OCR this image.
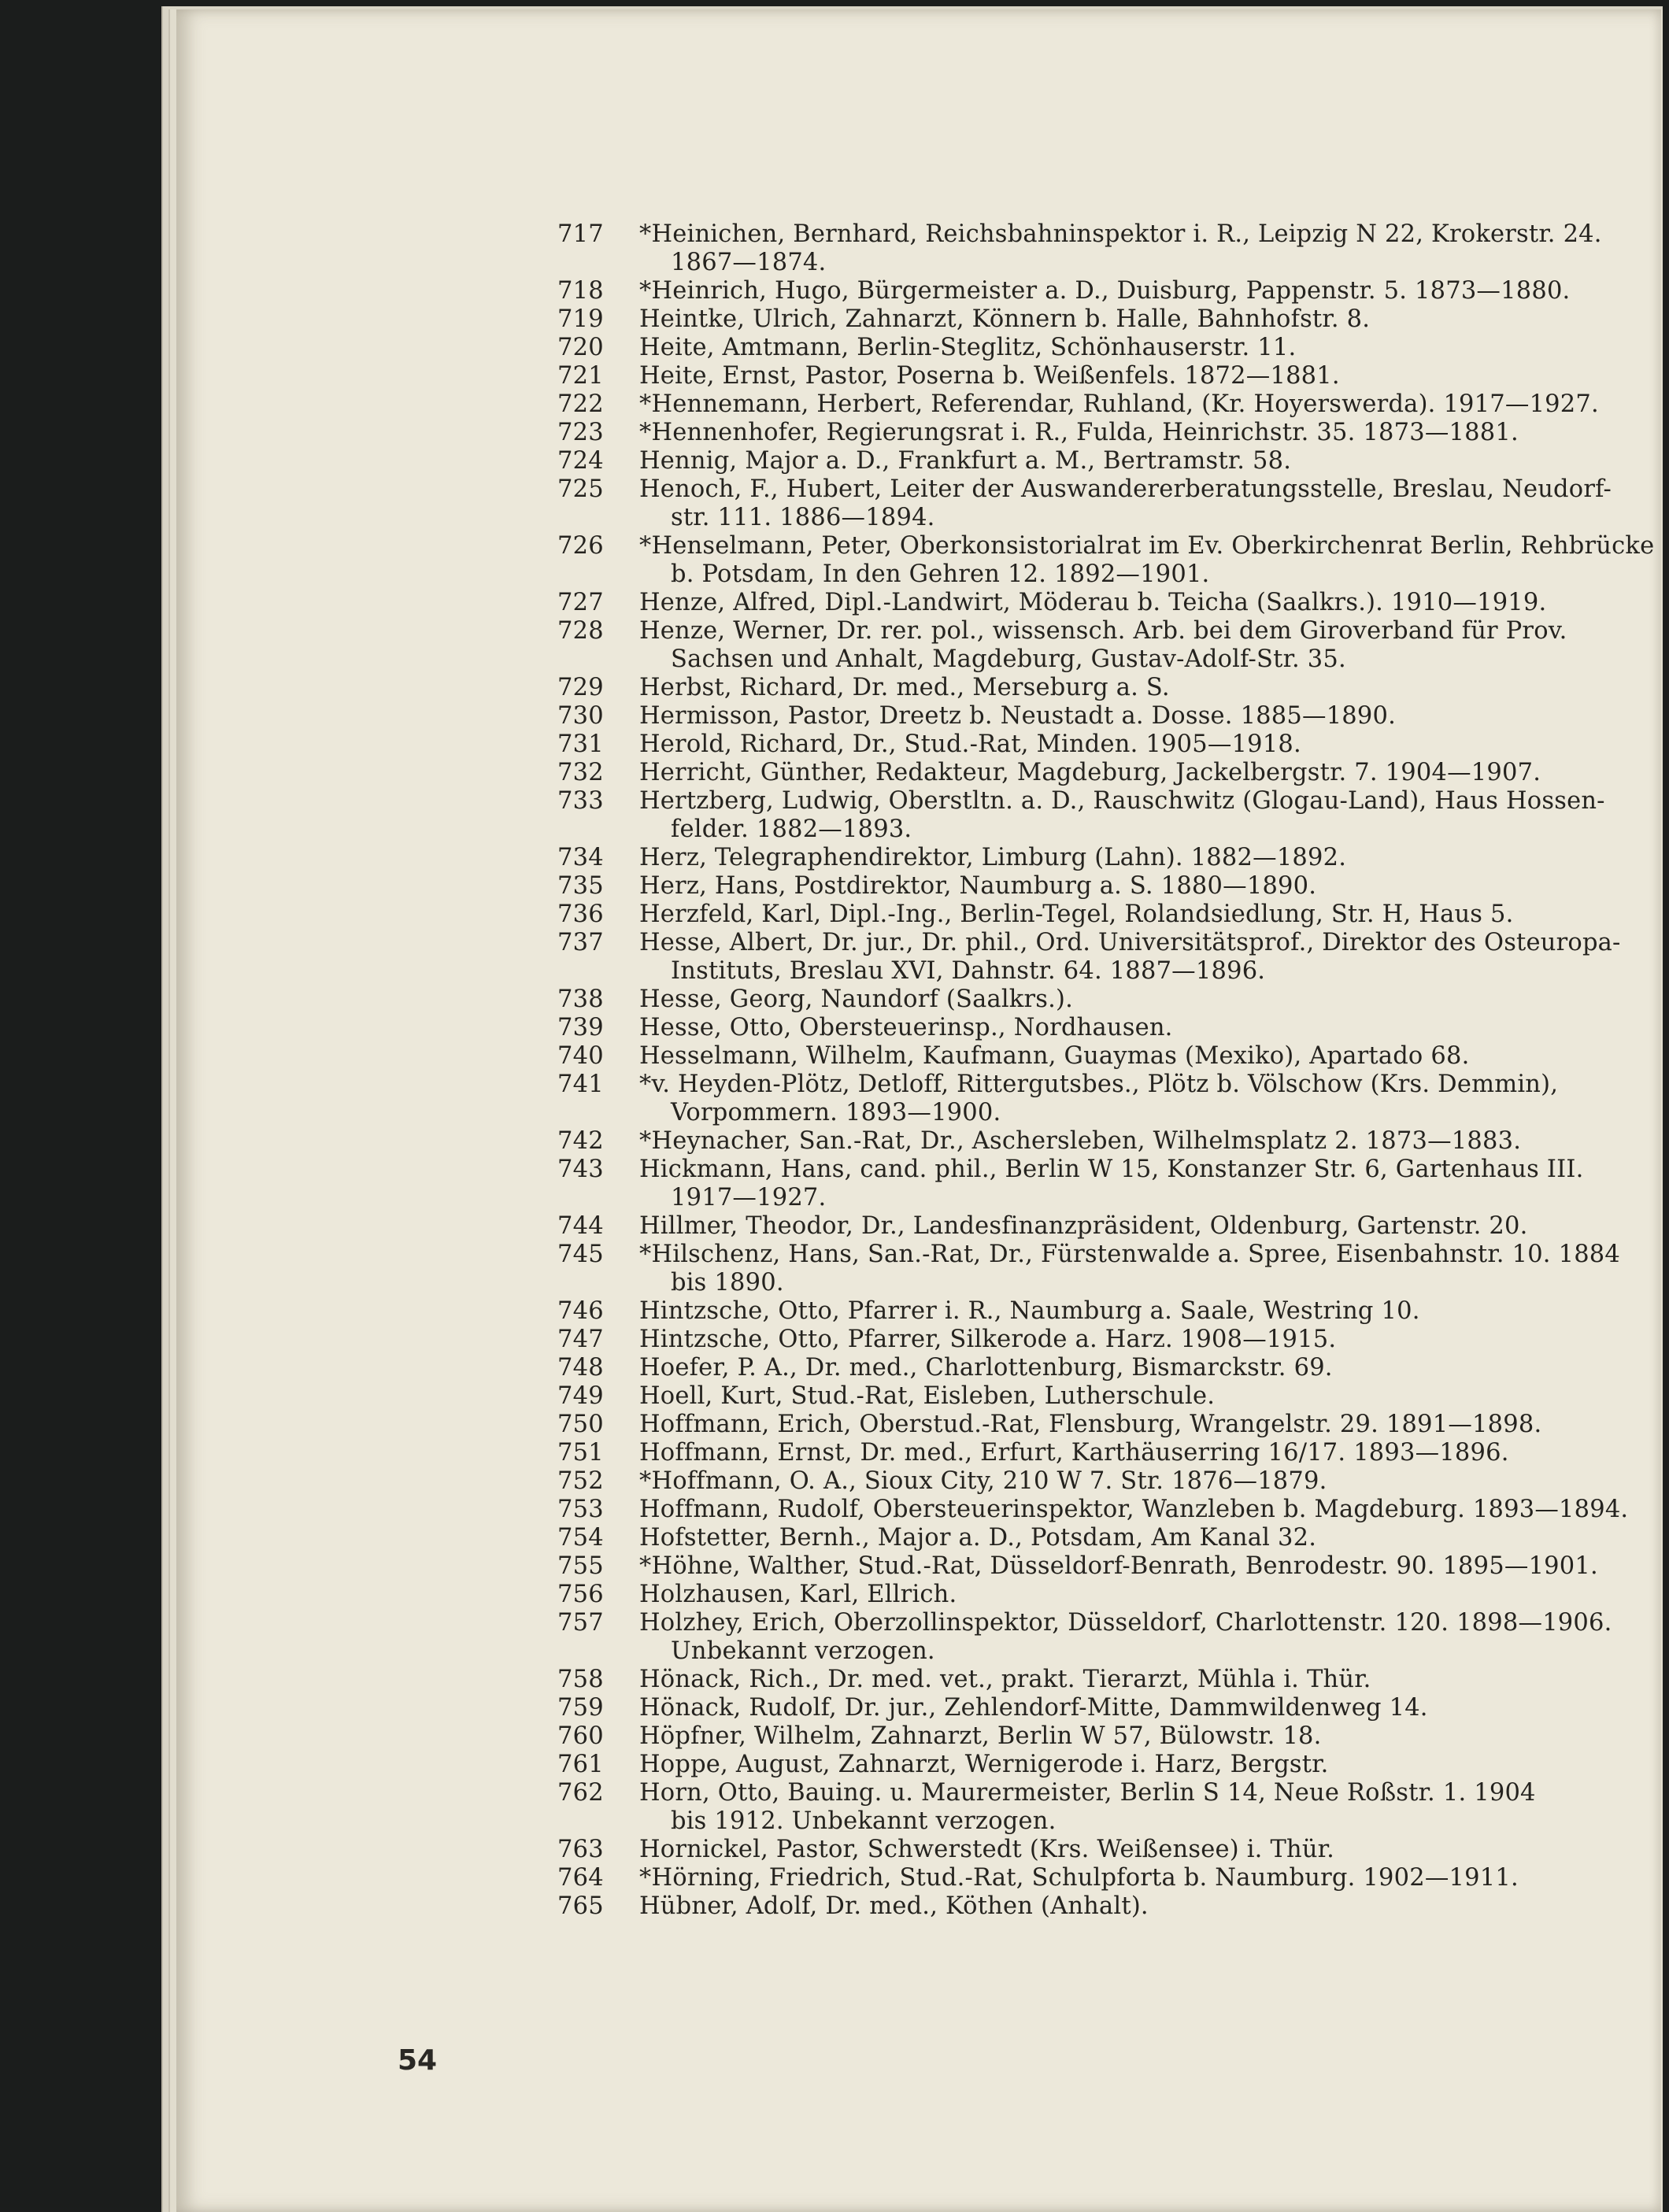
717	*Heinichen, Bernhard, Reichsbahninspektor i. R., Leipzig N 22, Krokerstr. 24.
1867—1874.
718	*Heinrich, Hugo, Bürgermeister a. D., Duisburg, Pappenstr. 5. 1873—1880.
719	Heintke, Ulrich, Zahnarzt, Könnern b. Halle, Bahnhofstr. 8.
720	Heite, Amtmann, Berlin-Steglitz, Schönhauserstr. 11.
721	Heite, Ernst, Pastor, Poserna b. Weißenfels. 1872—1881.
722	*Hennemann, Herbert, Referendar, Ruhland, (Kr. Hoyerswerda). 1917—1927.
723	*Hennenhofer, Regierungsrat i. R., Fulda, Heinrichstr. 35. 1873—1881.
724	Hennig, Major a. D., Frankfurt a. M., Bertramstr. 58.
725	Henoch, F., Hubert, Leiter der Auswandererberatungsstelle, Breslau, Neudorf-
str. 111. 1886—1894.
726	*Henselmann, Peter, Oberkonsistorialrat im Ev. Oberkirchenrat Berlin, Rehbrücke
b. Potsdam, In den Gehren 12. 1892—1901.
727	Henze, Alfred, Dipl.-Landwirt, Möderau b. Teicha (Saalkrs.). 1910—1919.
728	Henze, Werner, Dr. rer. pol., wissensch. Arb. bei dem Giroverband für Prov.
Sachsen und Anhalt, Magdeburg, Gustav-Adolf-Str. 35.
729	Herbst, Richard, Dr. med., Merseburg a. S.
730	Hermisson, Pastor, Dreetz b. Neustadt a. Dosse. 1885—1890.
731	Herold, Richard, Dr., Stud.-Rat, Minden. 1905—1918.
732	Herricht, Günther, Redakteur, Magdeburg, Jackelbergstr. 7. 1904—1907.
733	Hertzberg, Ludwig, Oberstltn. a. D., Rauschwitz (Glogau-Land), Haus Hossen-
felder. 1882—1893.
734	Herz, Telegraphendirektor, Limburg (Lahn). 1882—1892.
735	Herz, Hans, Postdirektor, Naumburg a. S. 1880—1890.
736	Herzfeld, Karl, Dipl.-Ing., Berlin-Tegel, Rolandsiedlung, Str. H, Haus 5.
737	Hesse, Albert, Dr. jur., Dr. phil., Ord. Universitätsprof., Direktor des Osteuropa-
Instituts, Breslau XVI, Dahnstr. 64. 1887—1896.
738	Hesse, Georg, Naundorf (Saalkrs.).
739	Hesse, Otto, Obersteuerinsp., Nordhausen.
740	Hesselmann, Wilhelm, Kaufmann, Guaymas (Mexiko), Apartado 68.
741	*v. Heyden-Plötz, Detloff, Rittergutsbes., Plötz b. Völschow (Krs. Demmin),
Vorpommern. 1893—1900.
742	*Heynacher, San.-Rat, Dr., Aschersleben, Wilhelmsplatz 2. 1873—1883.
743	Hickmann, Hans, cand. phil., Berlin W 15, Konstanzer Str. 6, Gartenhaus III.
1917—1927.
744	Hillmer, Theodor, Dr., Landesfinanzpräsident, Oldenburg, Gartenstr. 20.
745	*Hilschenz, Hans, San.-Rat, Dr., Fürstenwalde a. Spree, Eisenbahnstr. 10. 1884
bis 1890.
746	Hintzsche, Otto, Pfarrer i. R., Naumburg a. Saale, Westring 10.
747	Hintzsche, Otto, Pfarrer, Silkerode a. Harz. 1908—1915.
748	Hoefer, P. A., Dr. med., Charlottenburg, Bismarckstr. 69.
749	Hoell, Kurt, Stud.-Rat, Eisleben, Lutherschule.
750	Hoffmann, Erich, Oberstud.-Rat, Flensburg, Wrangelstr. 29. 1891—1898.
751	Hoffmann, Ernst, Dr. med., Erfurt, Karthäuserring 16/17. 1893—1896.
752	*Hoffmann, O. A., Sioux City, 210 W 7. Str. 1876—1879.
753	Hoffmann, Rudolf, Obersteuerinspektor, Wanzleben b. Magdeburg. 1893—1894.
754	Hofstetter, Bernh., Major a. D., Potsdam, Am Kanal 32.
755	*Höhne, Walther, Stud.-Rat, Düsseldorf-Benrath, Benrodestr. 90. 1895—1901.
756	Holzhausen, Karl, Ellrich.
757	Holzhey, Erich, Oberzollinspektor, Düsseldorf, Charlottenstr. 120. 1898—1906.
Unbekannt verzogen.
758	Hönack, Rich., Dr. med. vet., prakt. Tierarzt, Mühla i. Thür.
759	Hönack, Rudolf, Dr. jur., Zehlendorf-Mitte, Dammwildenweg 14.
760	Höpfner, Wilhelm, Zahnarzt, Berlin W 57, Bülowstr. 18.
761	Hoppe, August, Zahnarzt, Wernigerode i. Harz, Bergstr.
762	Horn, Otto, Bauing. u. Maurermeister, Berlin S 14, Neue Roßstr. 1. 1904
bis 1912. Unbekannt verzogen.
763	Hornickel, Pastor, Schwerstedt (Krs. Weißensee) i. Thür.
764	*Hörning, Friedrich, Stud.-Rat, Schulpforta b. Naumburg. 1902—1911.
765	Hübner, Adolf, Dr. med., Köthen (Anhalt).
54
